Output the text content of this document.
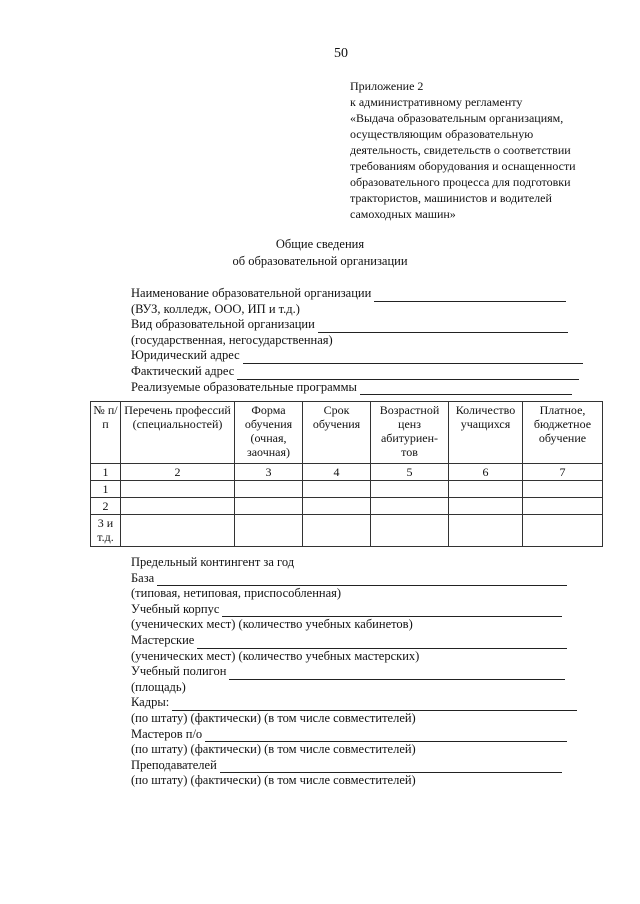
50
Приложение 2
к административному регламенту
«Выдача образовательным организациям,
осуществляющим образовательную
деятельность, свидетельств о соответствии
требованиям оборудования и оснащенности
образовательного процесса для подготовки
трактористов, машинистов и водителей
самоходных машин»
Общие сведения
об образовательной организации
Наименование образовательной организации
(ВУЗ, колледж, ООО, ИП и т.д.)
Вид образовательной организации
(государственная, негосударственная)
Юридический адрес
Фактический адрес
Реализуемые образовательные программы
№ п/п	Перечень профессий (специальностей)	Форма обучения (очная, заочная)	Срок обучения	Возрастной ценз абитуриен-тов	Количество учащихся	Платное, бюджетное обучение
1	2	3	4	5	6	7
1						
2						
3 и т.д.						
Предельный контингент за год
База
(типовая, нетиповая, приспособленная)
Учебный корпус
(ученических мест) (количество учебных кабинетов)
Мастерские
(ученических мест) (количество учебных мастерских)
Учебный полигон
(площадь)
Кадры:
(по штату) (фактически) (в том числе совместителей)
Мастеров п/о
(по штату) (фактически) (в том числе совместителей)
Преподавателей
(по штату) (фактически) (в том числе совместителей)
